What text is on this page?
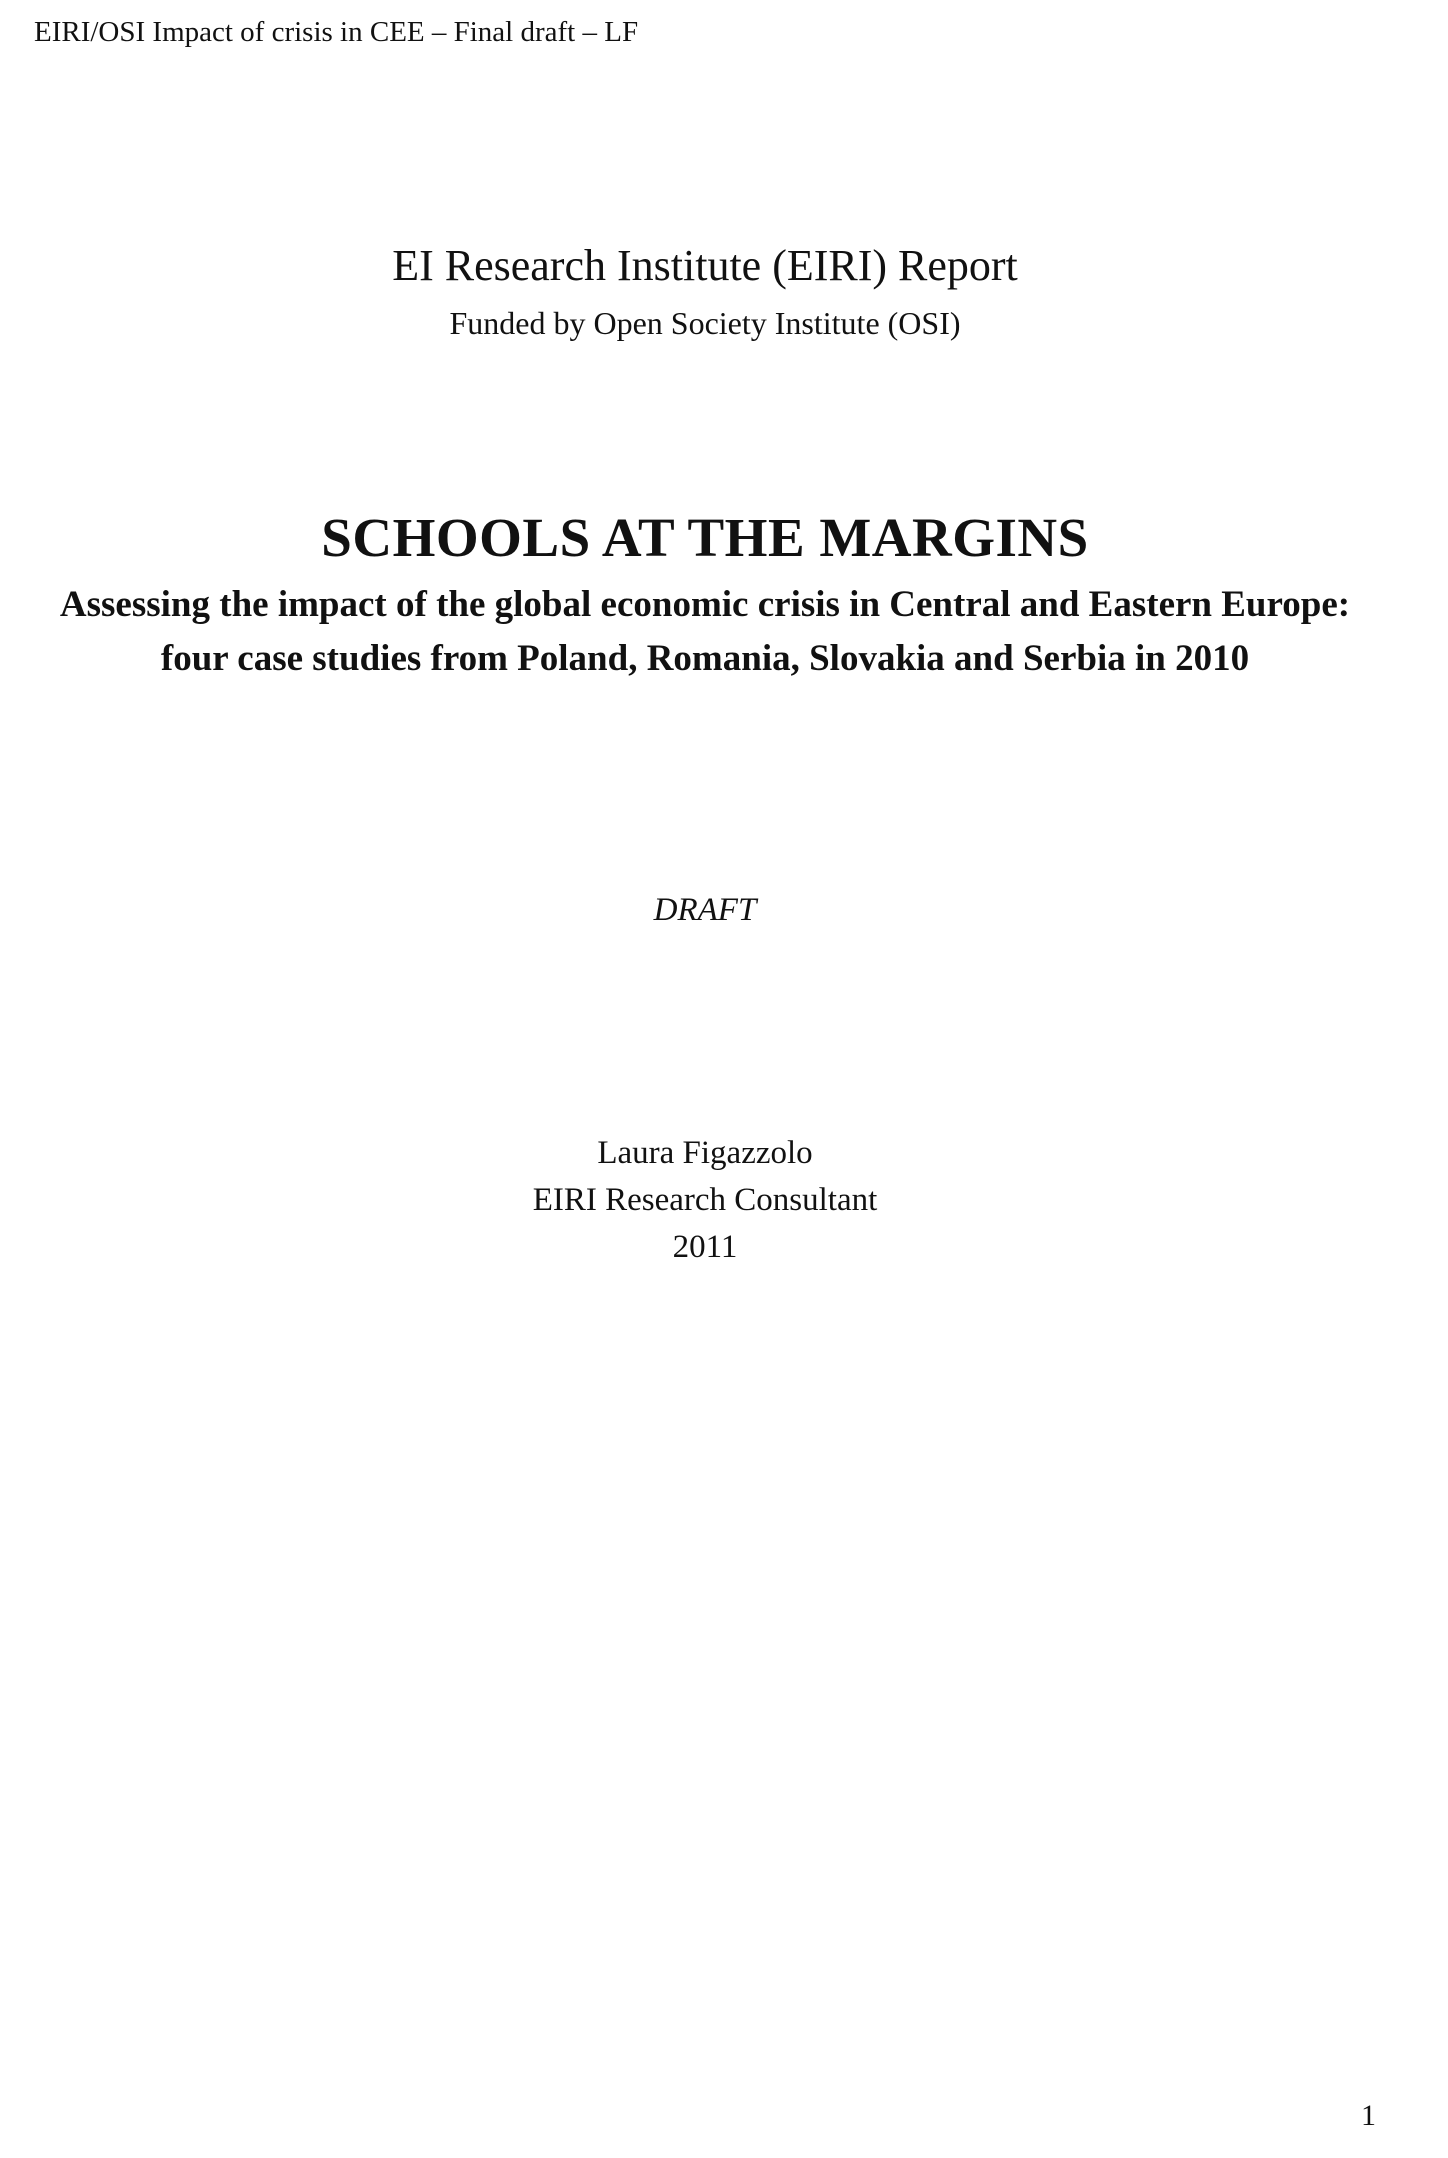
EIRI/OSI Impact of crisis in CEE – Final draft – LF
EI Research Institute (EIRI) Report
Funded by Open Society Institute (OSI)
SCHOOLS AT THE MARGINS
Assessing the impact of the global economic crisis in Central and Eastern Europe: four case studies from Poland, Romania, Slovakia and Serbia in 2010
DRAFT
Laura Figazzolo
EIRI Research Consultant
2011
1
